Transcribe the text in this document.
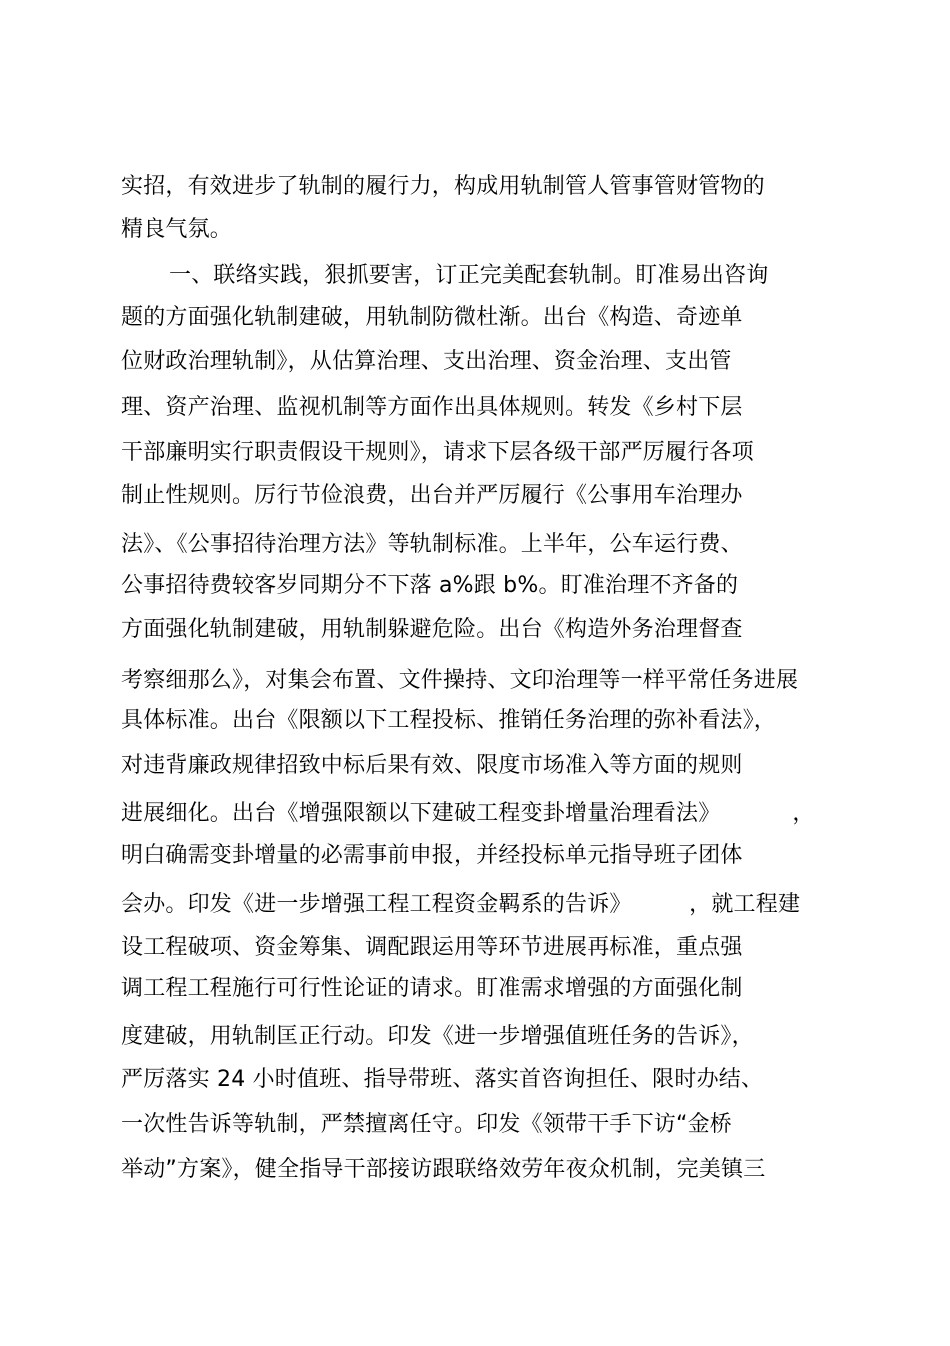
实招，有效进步了轨制的履行力，构成用轨制管人管事管财管物的
精良气氛。
一、联络实践，狠抓要害，订正完美配套轨制。盯准易出咨询
题的方面强化轨制建破，用轨制防微杜渐。出台《构造、奇迹单
位财政治理轨制》，从估算治理、支出治理、资金治理、支出管
理、资产治理、监视机制等方面作出具体规则。转发《乡村下层
干部廉明实行职责假设干规则》，请求下层各级干部严厉履行各项
制止性规则。厉行节俭浪费，出台并严厉履行《公事用车治理办
法》、《公事招待治理方法》等轨制标准。上半年，公车运行费、
公事招待费较客岁同期分不下落 a%跟 b%。盯准治理不齐备的
方面强化轨制建破，用轨制躲避危险。出台《构造外务治理督查
考察细那么》，对集会布置、文件操持、文印治理等一样平常任务进展
具体标准。出台《限额以下工程投标、推销任务治理的弥补看法》，
对违背廉政规律招致中标后果有效、限度市场准入等方面的规则
进展细化。出台《增强限额以下建破工程变卦增量治理看法》          ，
明白确需变卦增量的必需事前申报，并经投标单元指导班子团体
会办。印发《进一步增强工程工程资金羁系的告诉》        ，就工程建
设工程破项、资金筹集、调配跟运用等环节进展再标准，重点强
调工程工程施行可行性论证的请求。盯准需求增强的方面强化制
度建破，用轨制匡正行动。印发《进一步增强值班任务的告诉》，
严厉落实 24 小时值班、指导带班、落实首咨询担任、限时办结、
一次性告诉等轨制，严禁擅离任守。印发《领带干手下访“金桥
举动”方案》，健全指导干部接访跟联络效劳年夜众机制，完美镇三
